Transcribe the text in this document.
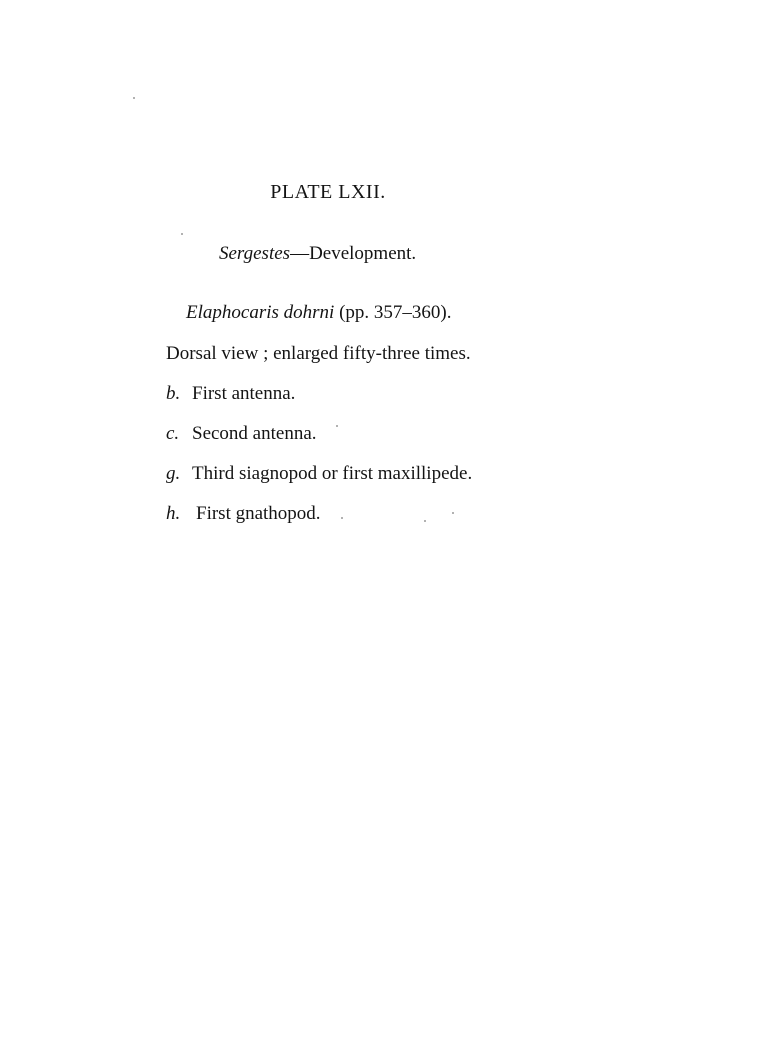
PLATE LXII.
Sergestes—Development.
Elaphocaris dohrni (pp. 357–360).
Dorsal view ; enlarged fifty-three times.
b. First antenna.
c. Second antenna.
g. Third siagnopod or first maxillipede.
h. First gnathopod.
